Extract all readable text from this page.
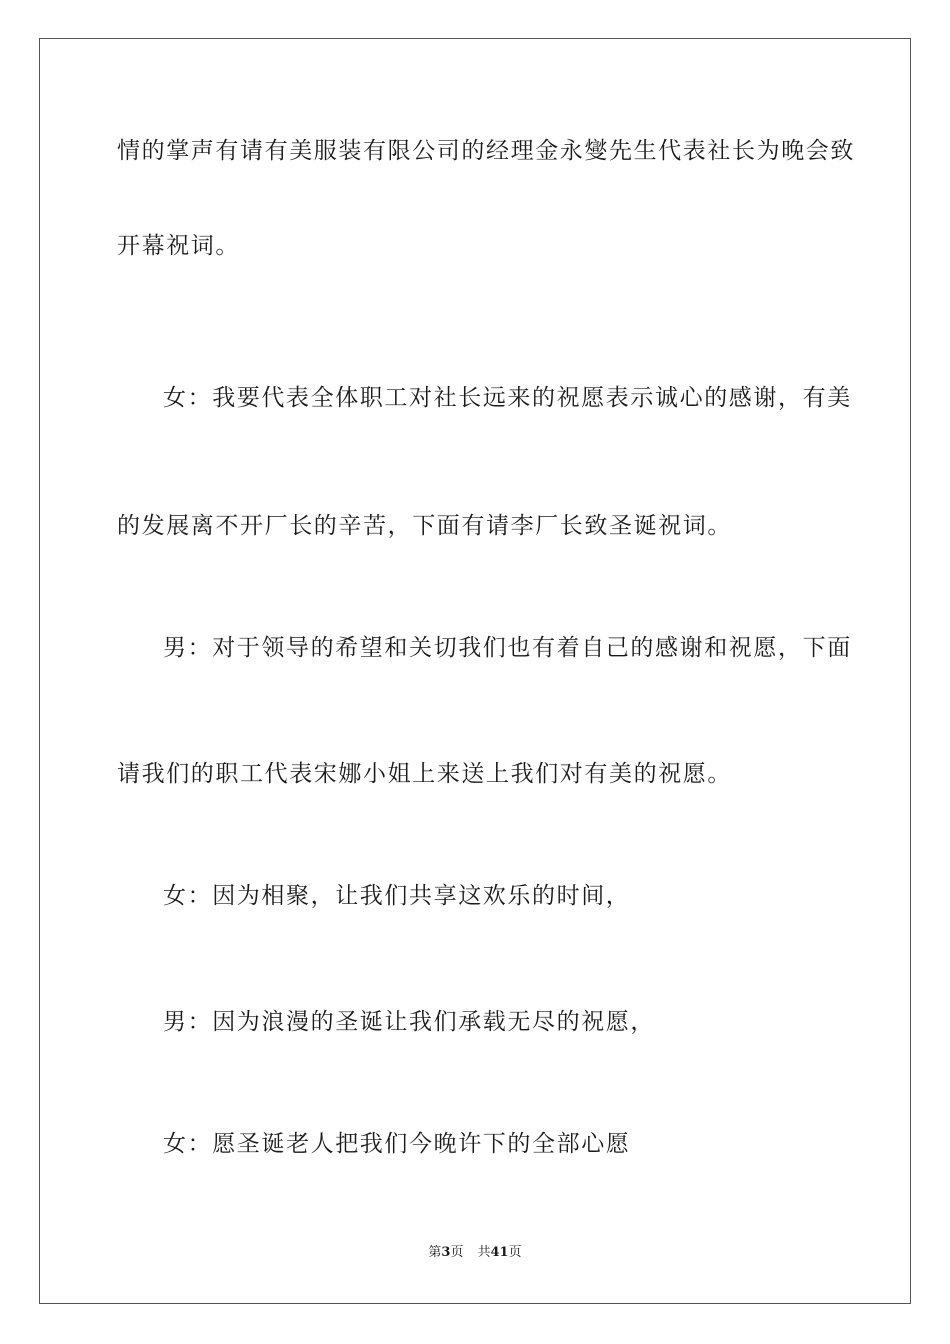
情的掌声有请有美服装有限公司的经理金永燮先生代表社长为晚会致
开幕祝词。
女：我要代表全体职工对社长远来的祝愿表示诚心的感谢，有美
的发展离不开厂长的辛苦，下面有请李厂长致圣诞祝词。
男：对于领导的希望和关切我们也有着自己的感谢和祝愿，下面
请我们的职工代表宋娜小姐上来送上我们对有美的祝愿。
女：因为相聚，让我们共享这欢乐的时间，
男：因为浪漫的圣诞让我们承载无尽的祝愿，
女：愿圣诞老人把我们今晚许下的全部心愿
第3页 共41页
